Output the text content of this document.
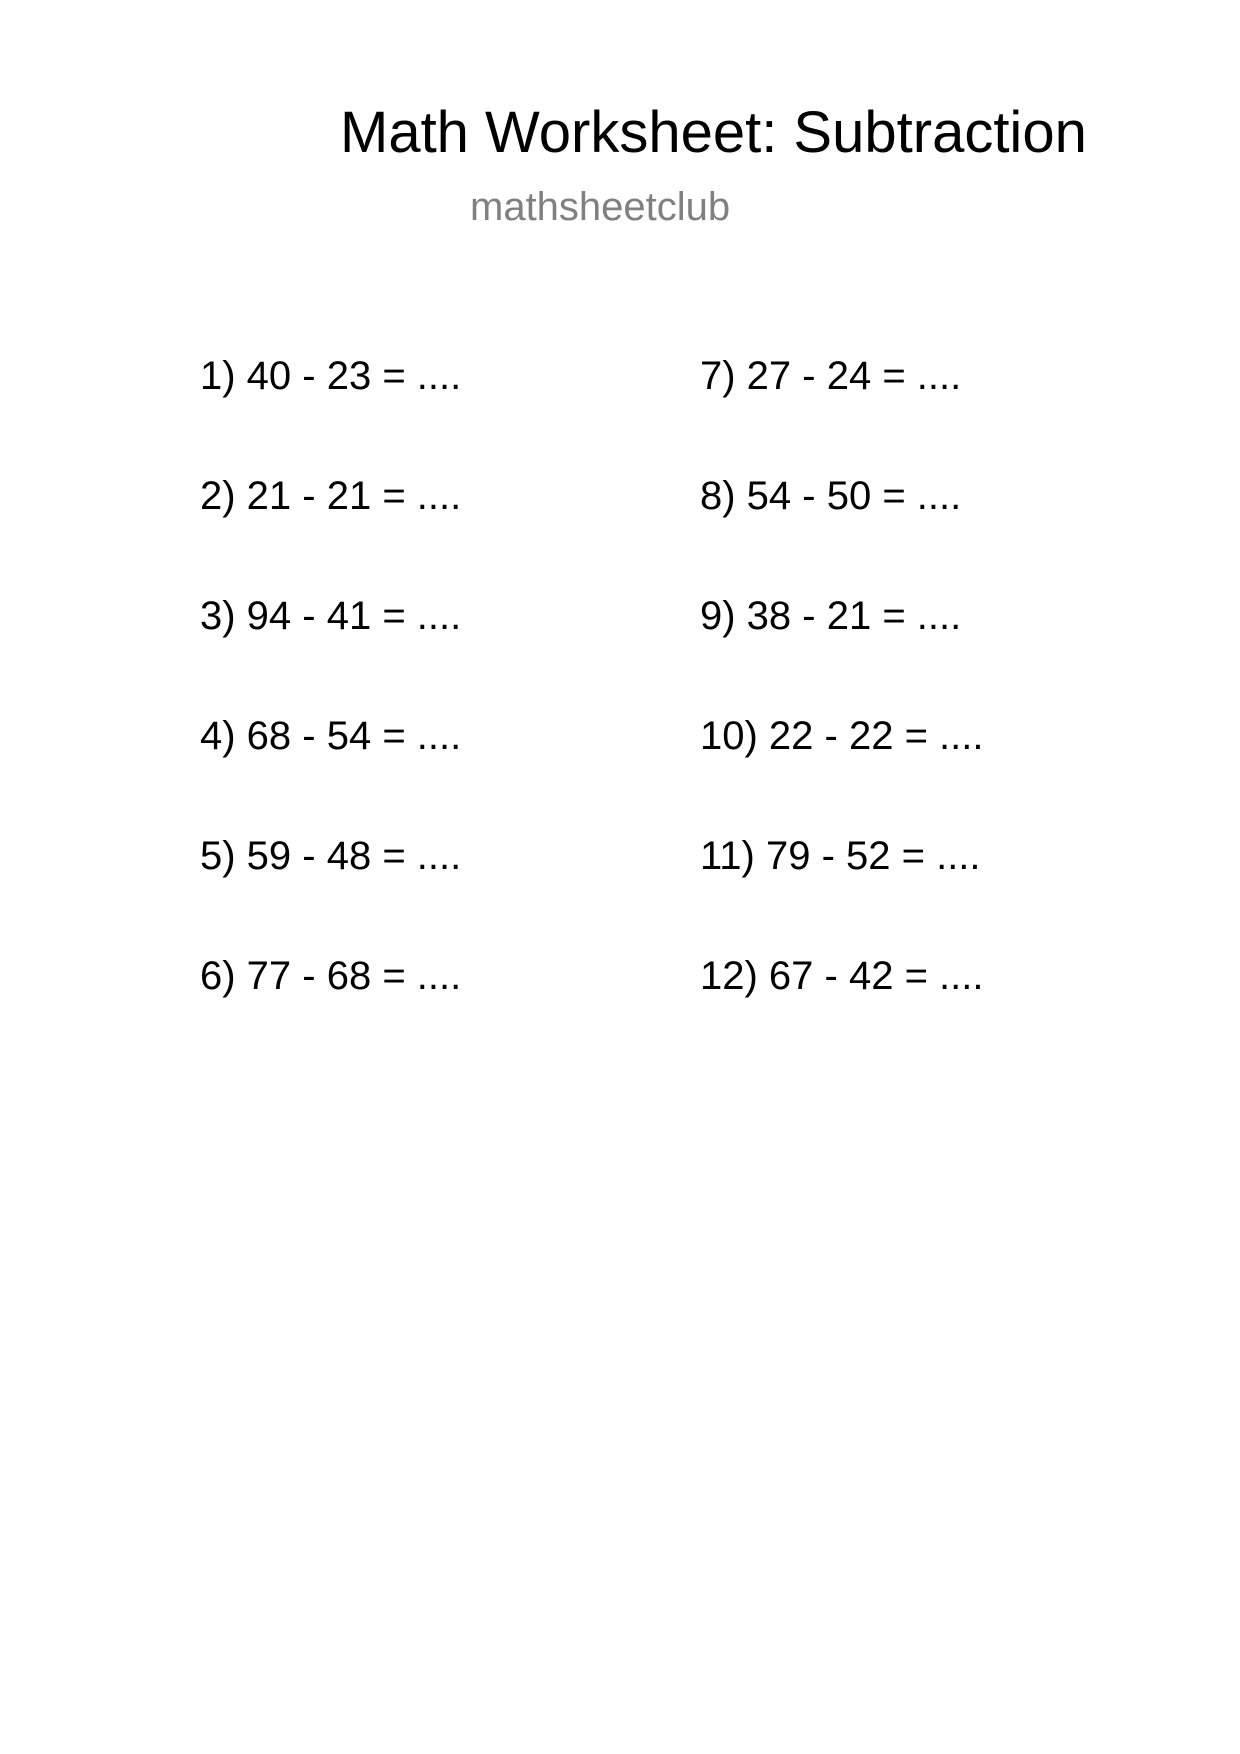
Math Worksheet: Subtraction
mathsheetclub
1) 40 - 23 = ....
2) 21 - 21 = ....
3) 94 - 41 = ....
4) 68 - 54 = ....
5) 59 - 48 = ....
6) 77 - 68 = ....
7) 27 - 24 = ....
8) 54 - 50 = ....
9) 38 - 21 = ....
10) 22 - 22 = ....
11) 79 - 52 = ....
12) 67 - 42 = ....
